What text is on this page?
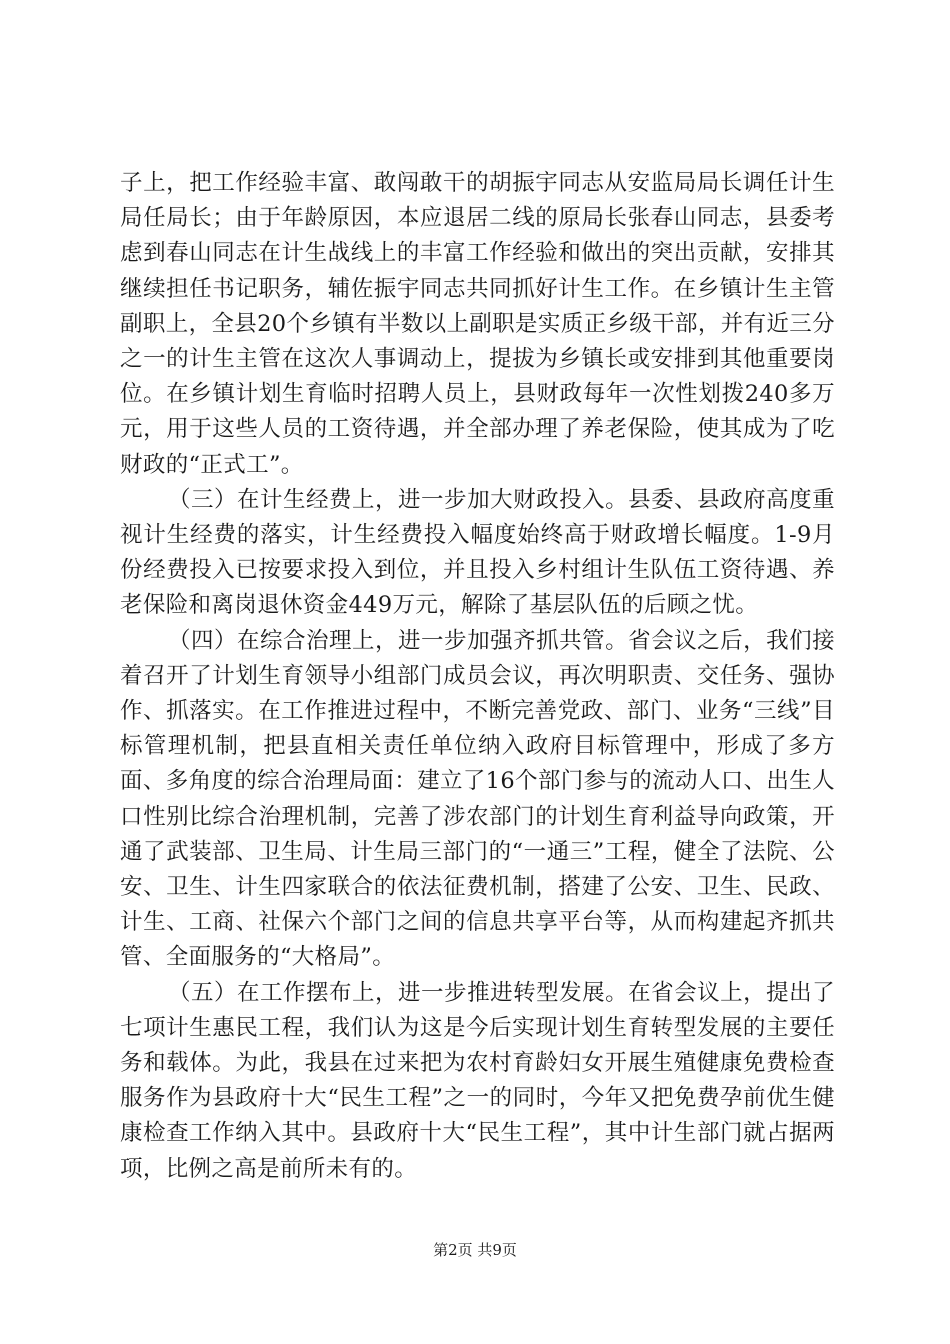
子上，把工作经验丰富、敢闯敢干的胡振宇同志从安监局局长调任计生局任局长；由于年龄原因，本应退居二线的原局长张春山同志，县委考虑到春山同志在计生战线上的丰富工作经验和做出的突出贡献，安排其继续担任书记职务，辅佐振宇同志共同抓好计生工作。在乡镇计生主管副职上，全县20个乡镇有半数以上副职是实质正乡级干部，并有近三分之一的计生主管在这次人事调动上，提拔为乡镇长或安排到其他重要岗位。在乡镇计划生育临时招聘人员上，县财政每年一次性划拨240多万元，用于这些人员的工资待遇，并全部办理了养老保险，使其成为了吃财政的“正式工”。

（三）在计生经费上，进一步加大财政投入。县委、县政府高度重视计生经费的落实，计生经费投入幅度始终高于财政增长幅度。1-9月份经费投入已按要求投入到位，并且投入乡村组计生队伍工资待遇、养老保险和离岗退休资金449万元，解除了基层队伍的后顾之忧。

（四）在综合治理上，进一步加强齐抓共管。省会议之后，我们接着召开了计划生育领导小组部门成员会议，再次明职责、交任务、强协作、抓落实。在工作推进过程中，不断完善党政、部门、业务“三线”目标管理机制，把县直相关责任单位纳入政府目标管理中，形成了多方面、多角度的综合治理局面：建立了16个部门参与的流动人口、出生人口性别比综合治理机制，完善了涉农部门的计划生育利益导向政策，开通了武装部、卫生局、计生局三部门的“一通三”工程，健全了法院、公安、卫生、计生四家联合的依法征费机制，搭建了公安、卫生、民政、计生、工商、社保六个部门之间的信息共享平台等，从而构建起齐抓共管、全面服务的“大格局”。

（五）在工作摆布上，进一步推进转型发展。在省会议上，提出了七项计生惠民工程，我们认为这是今后实现计划生育转型发展的主要任务和载体。为此，我县在过来把为农村育龄妇女开展生殖健康免费检查服务作为县政府十大“民生工程”之一的同时，今年又把免费孕前优生健康检查工作纳入其中。县政府十大“民生工程”，其中计生部门就占据两项，比例之高是前所未有的。

第2页 共9页
